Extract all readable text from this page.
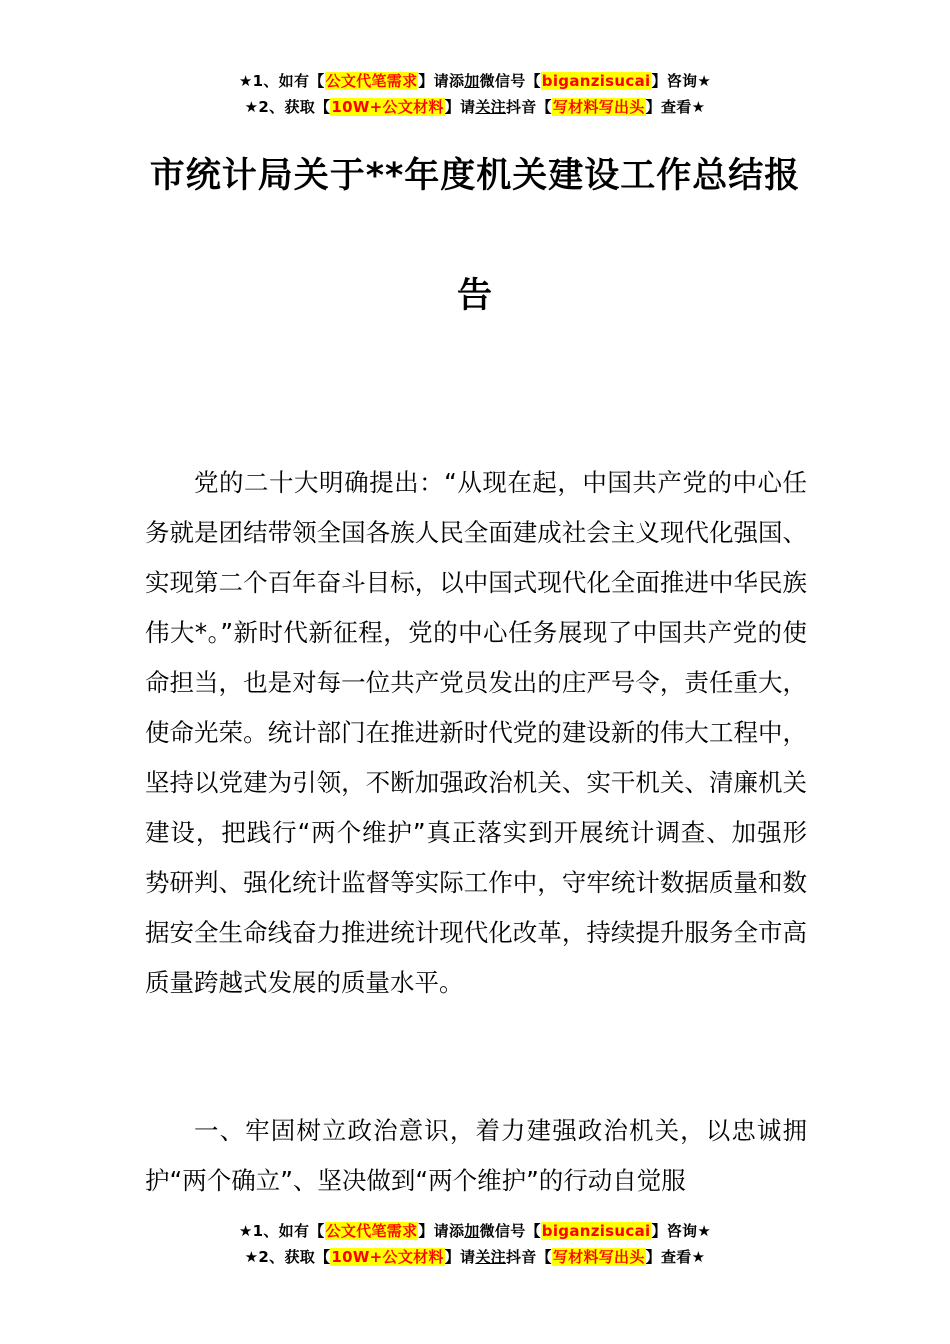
★1、如有【公文代笔需求】请添加微信号【biganzisucai】咨询★
★2、获取【10W+公文材料】请关注抖音【写材料写出头】查看★
市统计局关于**年度机关建设工作总结报
告

党的二十大明确提出：“从现在起，中国共产党的中心任务就是团结带领全国各族人民全面建成社会主义现代化强国、实现第二个百年奋斗目标，以中国式现代化全面推进中华民族伟大*。”新时代新征程，党的中心任务展现了中国共产党的使命担当，也是对每一位共产党员发出的庄严号令，责任重大，使命光荣。统计部门在推进新时代党的建设新的伟大工程中，坚持以党建为引领，不断加强政治机关、实干机关、清廉机关建设，把践行“两个维护”真正落实到开展统计调查、加强形势研判、强化统计监督等实际工作中，守牢统计数据质量和数据安全生命线奋力推进统计现代化改革，持续提升服务全市高质量跨越式发展的质量水平。

一、牢固树立政治意识，着力建强政治机关，以忠诚拥护“两个确立”、坚决做到“两个维护”的行动自觉服

★1、如有【公文代笔需求】请添加微信号【biganzisucai】咨询★
★2、获取【10W+公文材料】请关注抖音【写材料写出头】查看★
